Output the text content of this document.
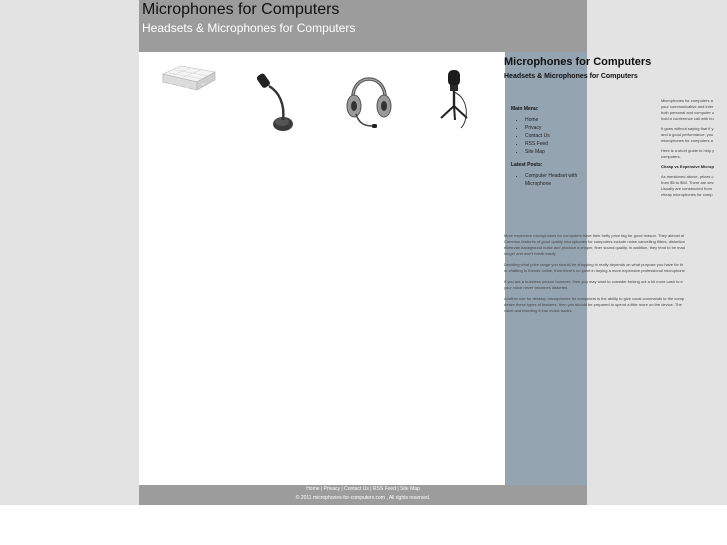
Microphones for Computers
Headsets & Microphones for Computers
Microphones for Computers
Headsets & Microphones for Computers
Main Menu:
• Home
• Privacy
• Contact Us
• RSS Feed
• Site Map
Latest Posts:
• Computer Headset with Microphone

Microphones for computers a
your communicative and inter
both personal and computer u
hold a conference call with bu

It goes without saying that if y
and a good performance, you
microphones for computers a

Here is a short guide to help y
computers.

Cheap vs Expensive Microp

As mentioned above, prices c
from $5 to $50. There are sev
Usually are constructed from
cheap microphones for comp

More expensive microphones for computers have their hefty price tag for good reason. They almost al
Common features of good quality microphones for computers include noise cancelling filters, distortion
eliminate background noise and produce a crisper, finer sound quality. In addition, they tend to be mad
longer and won't break easily.

Deciding what price range you should be shopping in really depends on what purpose you have for th
or chatting to friends online, then there's no point in buying a more expensive professional microphone

If you are a business person however, then you may want to consider forking out a bit more cash to e
your voice never becomes distorted.

Another use for desktop microphones for computers is the ability to give vocal commands to the comp
desire these types of features, then you should be prepared to spend a little more on the device. The
voice and inserting it into music tracks.

Home | Privacy | Contact Us | RSS Feed | Site Map
© 2011 microphones-for-computers.com , All rights reserved.
